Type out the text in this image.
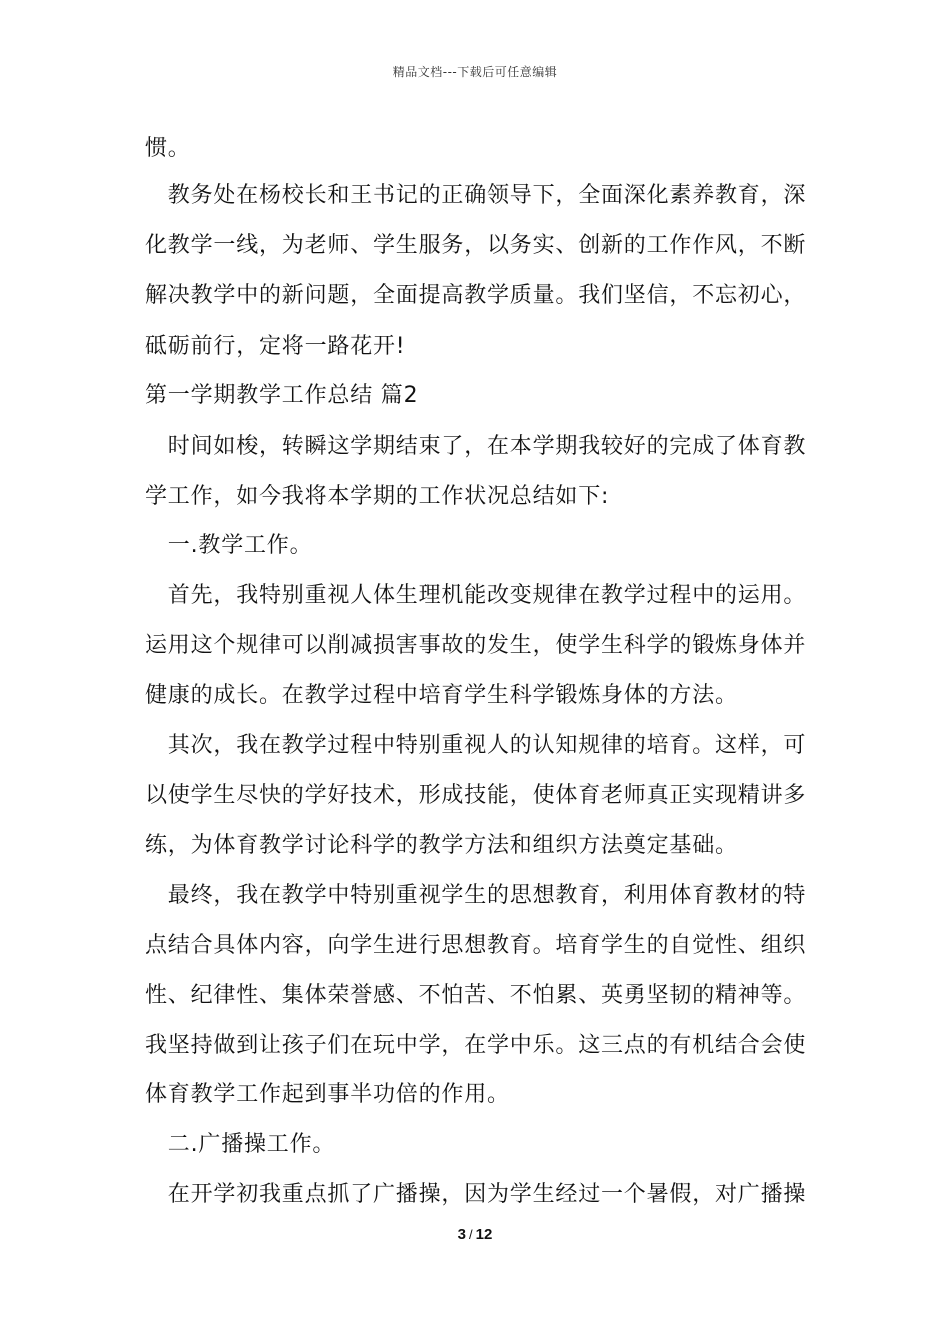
精品文档---下载后可任意编辑
惯。
　教务处在杨校长和王书记的正确领导下，全面深化素养教育，深
化教学一线，为老师、学生服务，以务实、创新的工作作风，不断
解决教学中的新问题，全面提高教学质量。我们坚信，不忘初心，
砥砺前行，定将一路花开!
第一学期教学工作总结 篇2
　时间如梭，转瞬这学期结束了，在本学期我较好的完成了体育教
学工作，如今我将本学期的工作状况总结如下:
　一.教学工作。
　首先，我特别重视人体生理机能改变规律在教学过程中的运用。
运用这个规律可以削减损害事故的发生，使学生科学的锻炼身体并
健康的成长。在教学过程中培育学生科学锻炼身体的方法。
　其次，我在教学过程中特别重视人的认知规律的培育。这样，可
以使学生尽快的学好技术，形成技能，使体育老师真正实现精讲多
练，为体育教学讨论科学的教学方法和组织方法奠定基础。
　最终，我在教学中特别重视学生的思想教育，利用体育教材的特
点结合具体内容，向学生进行思想教育。培育学生的自觉性、组织
性、纪律性、集体荣誉感、不怕苦、不怕累、英勇坚韧的精神等。
我坚持做到让孩子们在玩中学，在学中乐。这三点的有机结合会使
体育教学工作起到事半功倍的作用。
　二.广播操工作。
　在开学初我重点抓了广播操，因为学生经过一个暑假，对广播操
3 / 12
